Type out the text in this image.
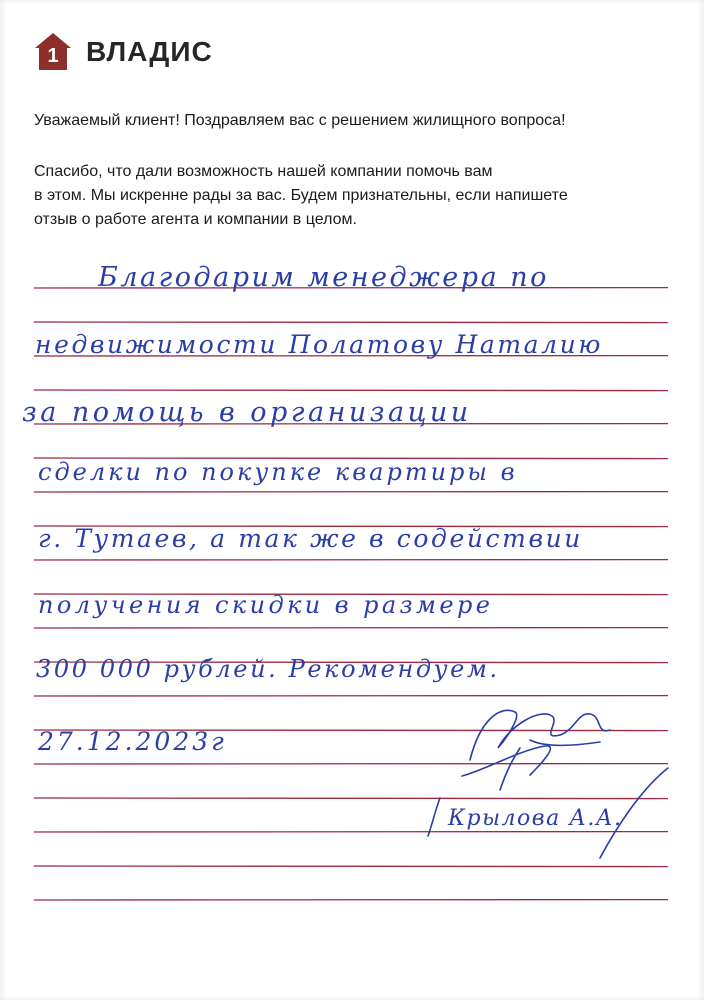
1 ВЛАДИС
Уважаемый клиент! Поздравляем вас с решением жилищного вопроса!
Спасибо, что дали возможность нашей компании помочь вам
в этом. Мы искренне рады за вас. Будем признательны, если напишете
отзыв о работе агента и компании в целом.
Благодарим менеджера по
недвижимости Полатову Наталию
за помощь в организации
сделки по покупке квартиры в
г. Тутаев, а так же в содействии
получения скидки в размере
300 000 рублей. Рекомендуем.
27.12.2023г
Крылова А.А.
